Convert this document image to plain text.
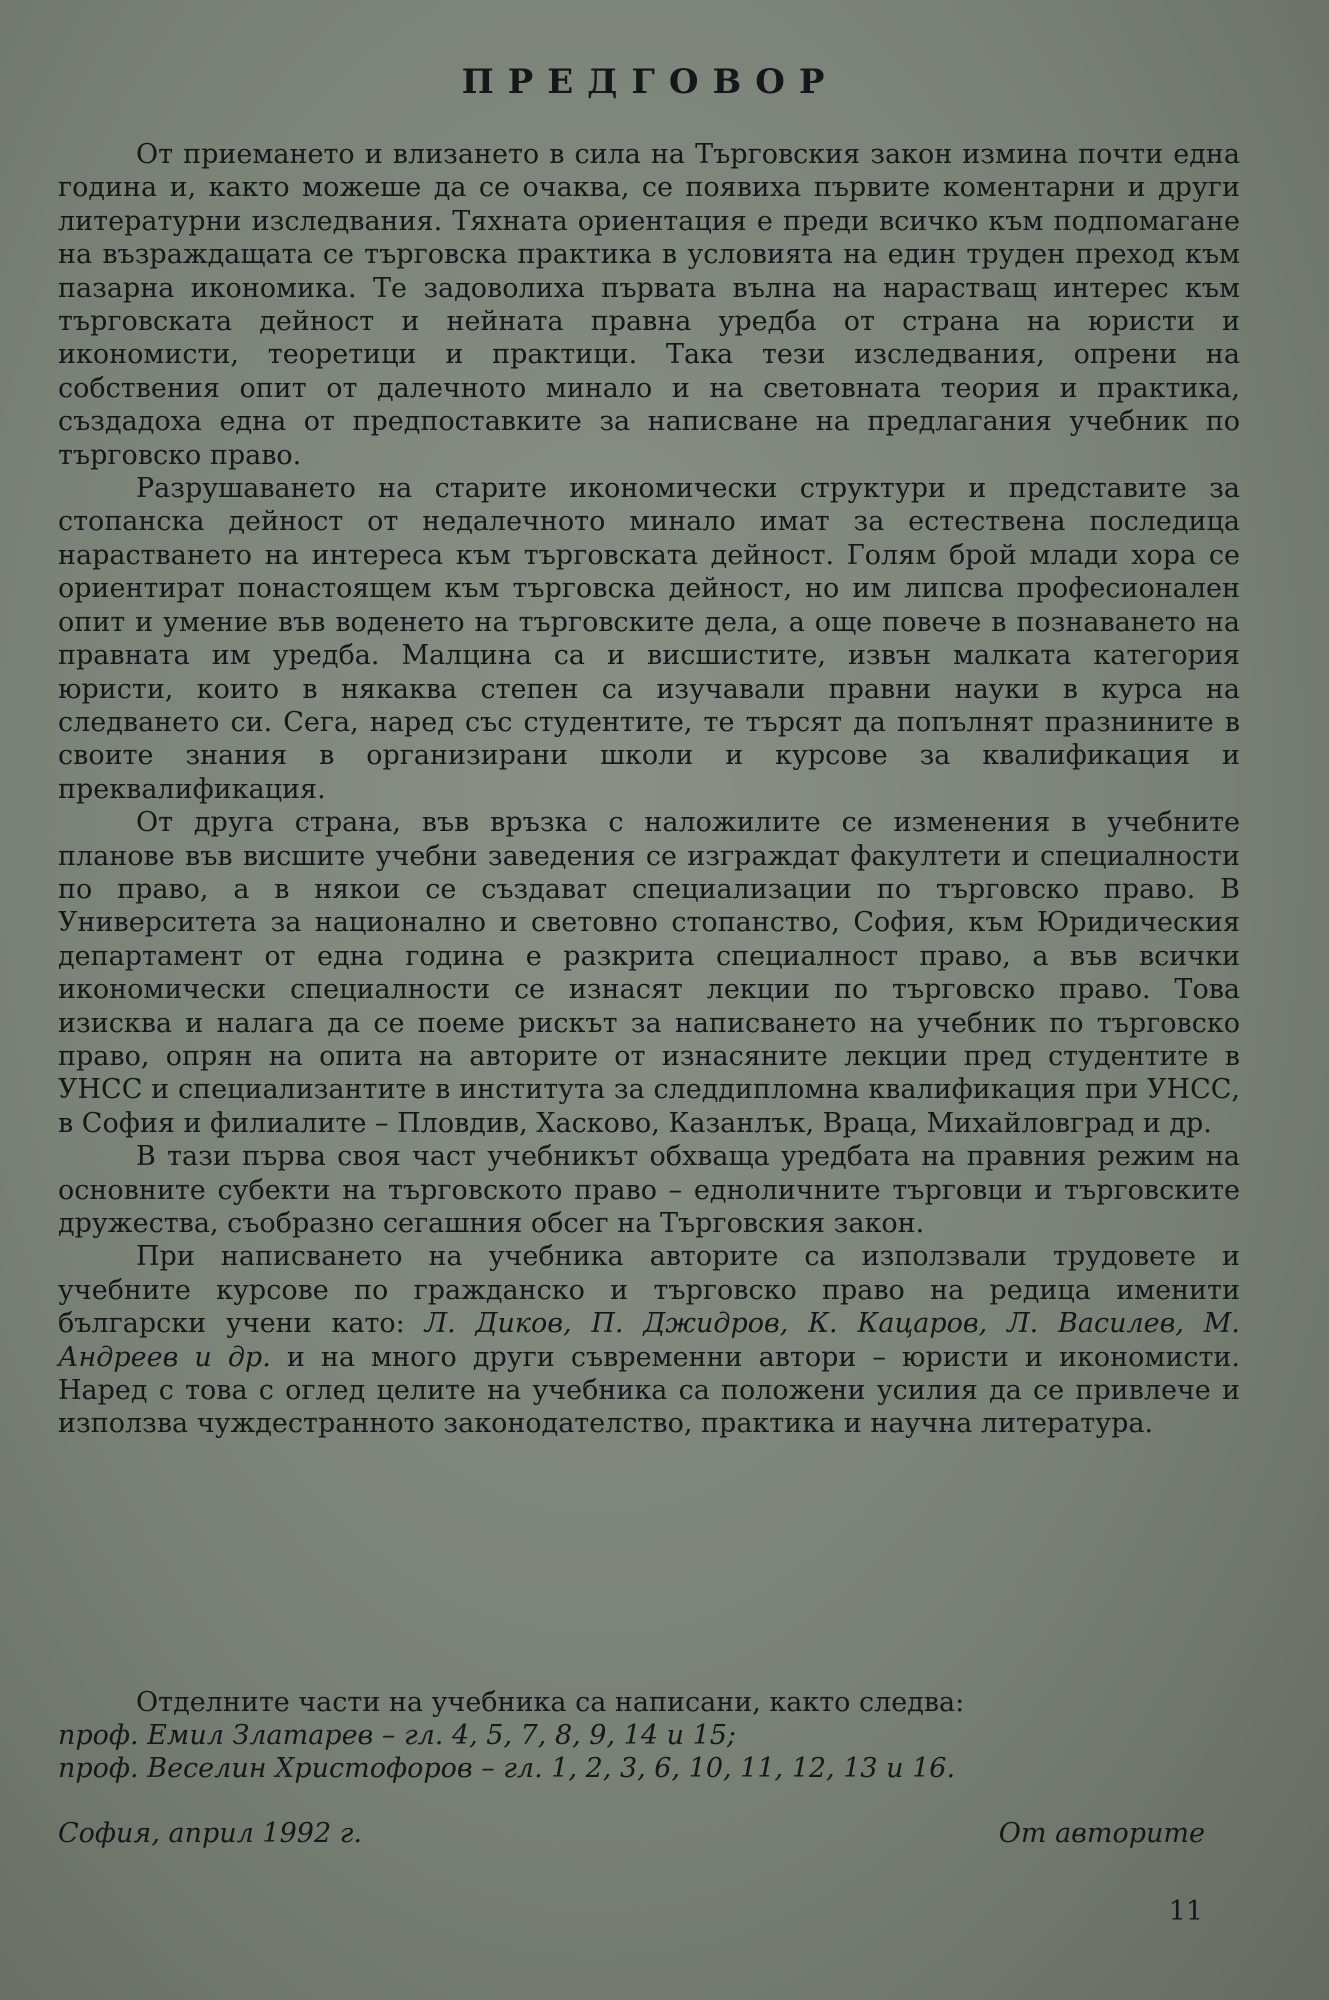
ПРЕДГОВОР

От приемането и влизането в сила на Търговския закон измина почти една година и, както можеше да се очаква, се появиха първите коментарни и други литературни изследвания. Тяхната ориентация е преди всичко към подпомагане на възраждащата се търговска практика в условията на един труден преход към пазарна икономика. Те задоволиха първата вълна на нарастващ интерес към търговската дейност и нейната правна уредба от страна на юристи и икономисти, теоретици и практици. Така тези изследвания, опрени на собствения опит от далечното минало и на световната теория и практика, създадоха една от предпоставките за написване на предлагания учебник по търговско право.

Разрушаването на старите икономически структури и представите за стопанска дейност от недалечното минало имат за естествена последица нарастването на интереса към търговската дейност. Голям брой млади хора се ориентират понастоящем към търговска дейност, но им липсва професионален опит и умение във воденето на търговските дела, а още повече в познаването на правната им уредба. Малцина са и висшистите, извън малката категория юристи, които в някаква степен са изучавали правни науки в курса на следването си. Сега, наред със студентите, те търсят да попълнят празнините в своите знания в организирани школи и курсове за квалификация и преквалификация.

От друга страна, във връзка с наложилите се изменения в учебните планове във висшите учебни заведения се изграждат факултети и специалности по право, а в някои се създават специализации по търговско право. В Университета за национално и световно стопанство, София, към Юридическия департамент от една година е разкрита специалност право, а във всички икономически специалности се изнасят лекции по търговско право. Това изисква и налага да се поеме рискът за написването на учебник по търговско право, опрян на опита на авторите от изнасяните лекции пред студентите в УНСС и специализантите в института за следдипломна квалификация при УНСС, в София и филиалите – Пловдив, Хасково, Казанлък, Враца, Михайловград и др.

В тази първа своя част учебникът обхваща уредбата на правния режим на основните субекти на търговското право – едноличните търговци и търговските дружества, съобразно сегашния обсег на Търговския закон.

При написването на учебника авторите са използвали трудовете и учебните курсове по гражданско и търговско право на редица именити български учени като: Л. Диков, П. Джидров, К. Кацаров, Л. Василев, М. Андреев и др. и на много други съвременни автори – юристи и икономисти. Наред с това с оглед целите на учебника са положени усилия да се привлече и използва чуждестранното законодателство, практика и научна литература.

Отделните части на учебника са написани, както следва:
проф. Емил Златарев – гл. 4, 5, 7, 8, 9, 14 и 15;
проф. Веселин Христофоров – гл. 1, 2, 3, 6, 10, 11, 12, 13 и 16.
София, април 1992 г.	От авторите
11
